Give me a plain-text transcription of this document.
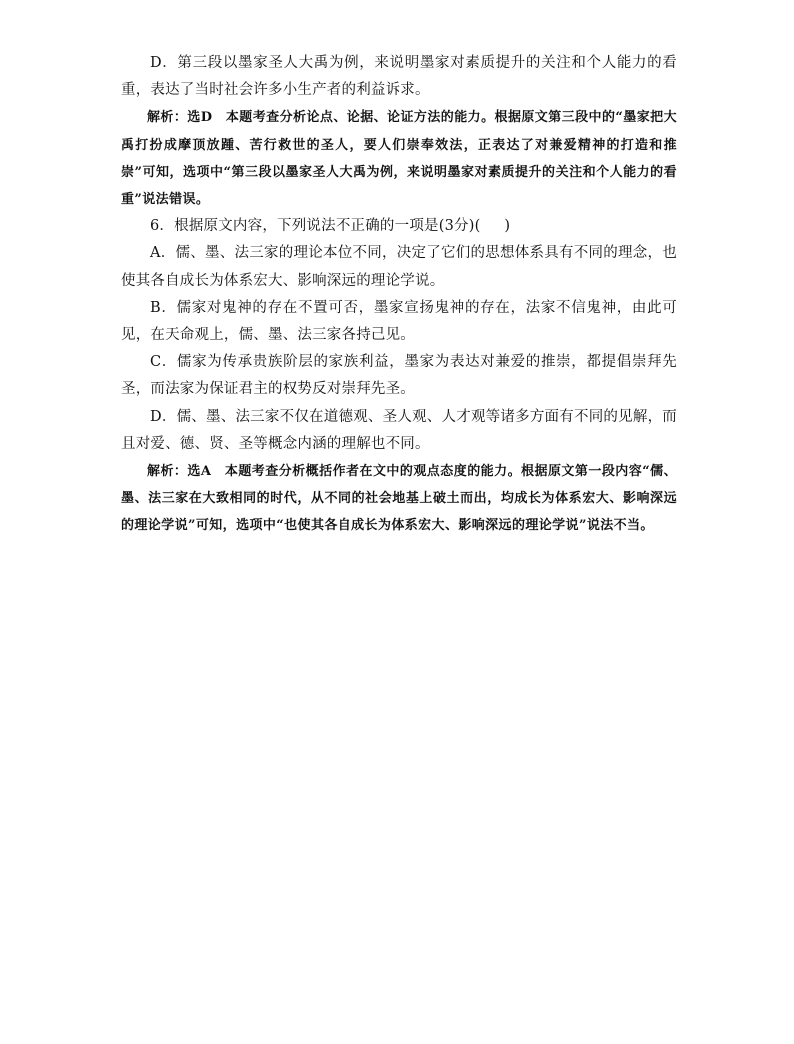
D．第三段以墨家圣人大禹为例，来说明墨家对素质提升的关注和个人能力的看重，表达了当时社会许多小生产者的利益诉求。

解析：选D　 本题考查分析论点、论据、论证方法的能力。根据原文第三段中的“墨家把大禹打扮成摩顶放踵、苦行救世的圣人，要人们崇奉效法，正表达了对兼爱精神的打造和推崇”可知，选项中“第三段以墨家圣人大禹为例，来说明墨家对素质提升的关注和个人能力的看重”说法错误。

6．根据原文内容，下列说法不正确的一项是(3分)( )

A．儒、墨、法三家的理论本位不同，决定了它们的思想体系具有不同的理念，也使其各自成长为体系宏大、影响深远的理论学说。

B．儒家对鬼神的存在不置可否，墨家宣扬鬼神的存在，法家不信鬼神，由此可见，在天命观上，儒、墨、法三家各持己见。

C．儒家为传承贵族阶层的家族利益，墨家为表达对兼爱的推崇，都提倡崇拜先圣，而法家为保证君主的权势反对崇拜先圣。

D．儒、墨、法三家不仅在道德观、圣人观、人才观等诸多方面有不同的见解，而且对爱、德、贤、圣等概念内涵的理解也不同。

解析：选A　 本题考查分析概括作者在文中的观点态度的能力。根据原文第一段内容“儒、墨、法三家在大致相同的时代，从不同的社会地基上破土而出，均成长为体系宏大、影响深远的理论学说”可知，选项中“也使其各自成长为体系宏大、影响深远的理论学说”说法不当。
